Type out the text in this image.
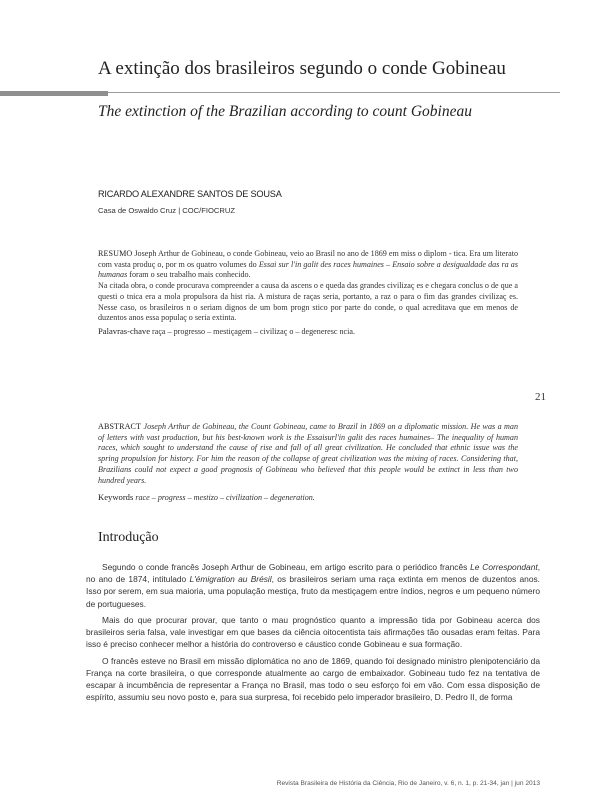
A extinção dos brasileiros segundo o conde Gobineau
The extinction of the Brazilian according to count Gobineau
RICARDO ALEXANDRE SANTOS DE SOUSA
Casa de Oswaldo Cruz | COC/FIOCRUZ

RESUMO Joseph Arthur de Gobineau, o conde Gobineau, veio ao Brasil no ano de 1869 em miss o diplom - tica. Era um literato com vasta produç o, por m os quatro volumes do Essai sur l'in galit des races humaines – Ensaio sobre a desigualdade das ra as humanas foram o seu trabalho mais conhecido.

Na citada obra, o conde procurava compreender a causa da ascens o e queda das grandes civilizaç es e chegara conclus o de que a questi o tnica era a mola propulsora da hist ria. A mistura de raças seria, portanto, a raz o para o fim das grandes civilizaç es. Nesse caso, os brasileiros n o seriam dignos de um bom progn stico por parte do conde, o qual acreditava que em menos de duzentos anos essa populaç o seria extinta.

Palavras-chave raça – progresso – mestiçagem – civilizaç o – degeneresc ncia.

ABSTRACT Joseph Arthur de Gobineau, the Count Gobineau, came to Brazil in 1869 on a diplomatic mission. He was a man of letters with vast production, but his best-known work is the Essaisurl'in galit des races humaines– The inequality of human races, which sought to understand the cause of rise and fall of all great civilization. He concluded that ethnic issue was the spring propulsion for history. For him the reason of the collapse of great civilization was the mixing of races. Considering that, Brazilians could not expect a good prognosis of Gobineau who believed that this people would be extinct in less than two hundred years.

Keywords race – progress – mestizo – civilization – degeneration.

21
Introdução

Segundo o conde francês Joseph Arthur de Gobineau, em artigo escrito para o periódico francês Le Correspondant, no ano de 1874, intitulado L'émigration au Brésil, os brasileiros seriam uma raça extinta em menos de duzentos anos. Isso por serem, em sua maioria, uma população mestiça, fruto da mestiçagem entre índios, negros e um pequeno número de portugueses.

Mais do que procurar provar, que tanto o mau prognóstico quanto a impressão tida por Gobineau acerca dos brasileiros seria falsa, vale investigar em que bases da ciência oitocentista tais afirmações tão ousadas eram feitas. Para isso é preciso conhecer melhor a história do controverso e cáustico conde Gobineau e sua formação.

O francês esteve no Brasil em missão diplomática no ano de 1869, quando foi designado ministro plenipotenciário da França na corte brasileira, o que corresponde atualmente ao cargo de embaixador. Gobineau tudo fez na tentativa de escapar à incumbência de representar a França no Brasil, mas todo o seu esforço foi em vão. Com essa disposição de espírito, assumiu seu novo posto e, para sua surpresa, foi recebido pelo imperador brasileiro, D. Pedro II, de forma

Revista Brasileira de História da Ciência, Rio de Janeiro, v. 6, n. 1, p. 21-34, jan | jun 2013
